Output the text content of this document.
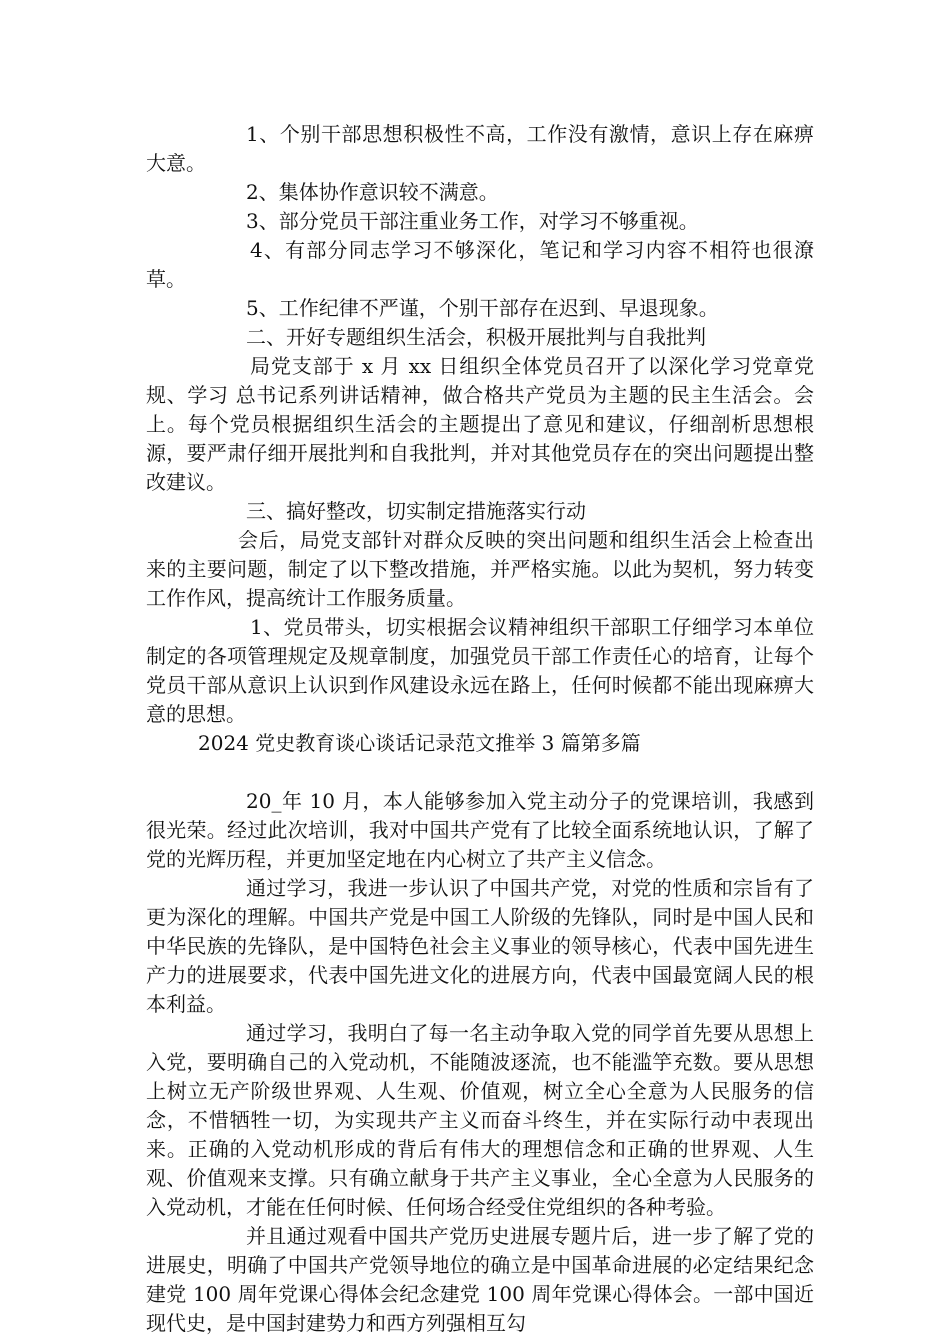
1、个别干部思想积极性不高，工作没有激情，意识上存在麻痹大意。

2、集体协作意识较不满意。

3、部分党员干部注重业务工作，对学习不够重视。

4、有部分同志学习不够深化，笔记和学习内容不相符也很潦草。

5、工作纪律不严谨，个别干部存在迟到、早退现象。

二、开好专题组织生活会，积极开展批判与自我批判

局党支部于 x 月 xx 日组织全体党员召开了以深化学习党章党规、学习 总书记系列讲话精神，做合格共产党员为主题的民主生活会。会上。每个党员根据组织生活会的主题提出了意见和建议，仔细剖析思想根源，要严肃仔细开展批判和自我批判，并对其他党员存在的突出问题提出整改建议。

三、搞好整改，切实制定措施落实行动

会后，局党支部针对群众反映的突出问题和组织生活会上检查出来的主要问题，制定了以下整改措施，并严格实施。以此为契机，努力转变工作作风，提高统计工作服务质量。

1、党员带头，切实根据会议精神组织干部职工仔细学习本单位制定的各项管理规定及规章制度，加强党员干部工作责任心的培育，让每个党员干部从意识上认识到作风建设永远在路上，任何时候都不能出现麻痹大意的思想。

2024 党史教育谈心谈话记录范文推举 3 篇第多篇

20_年 10 月，本人能够参加入党主动分子的党课培训，我感到很光荣。经过此次培训，我对中国共产党有了比较全面系统地认识，了解了党的光辉历程，并更加坚定地在内心树立了共产主义信念。

通过学习，我进一步认识了中国共产党，对党的性质和宗旨有了更为深化的理解。中国共产党是中国工人阶级的先锋队，同时是中国人民和中华民族的先锋队，是中国特色社会主义事业的领导核心，代表中国先进生产力的进展要求，代表中国先进文化的进展方向，代表中国最宽阔人民的根本利益。

通过学习，我明白了每一名主动争取入党的同学首先要从思想上入党，要明确自己的入党动机，不能随波逐流，也不能滥竽充数。要从思想上树立无产阶级世界观、人生观、价值观，树立全心全意为人民服务的信念，不惜牺牲一切，为实现共产主义而奋斗终生，并在实际行动中表现出来。正确的入党动机形成的背后有伟大的理想信念和正确的世界观、人生观、价值观来支撑。只有确立献身于共产主义事业，全心全意为人民服务的入党动机，才能在任何时候、任何场合经受住党组织的各种考验。

并且通过观看中国共产党历史进展专题片后，进一步了解了党的进展史，明确了中国共产党领导地位的确立是中国革命进展的必定结果纪念建党 100 周年党课心得体会纪念建党 100 周年党课心得体会。一部中国近现代史，是中国封建势力和西方列强相互勾
